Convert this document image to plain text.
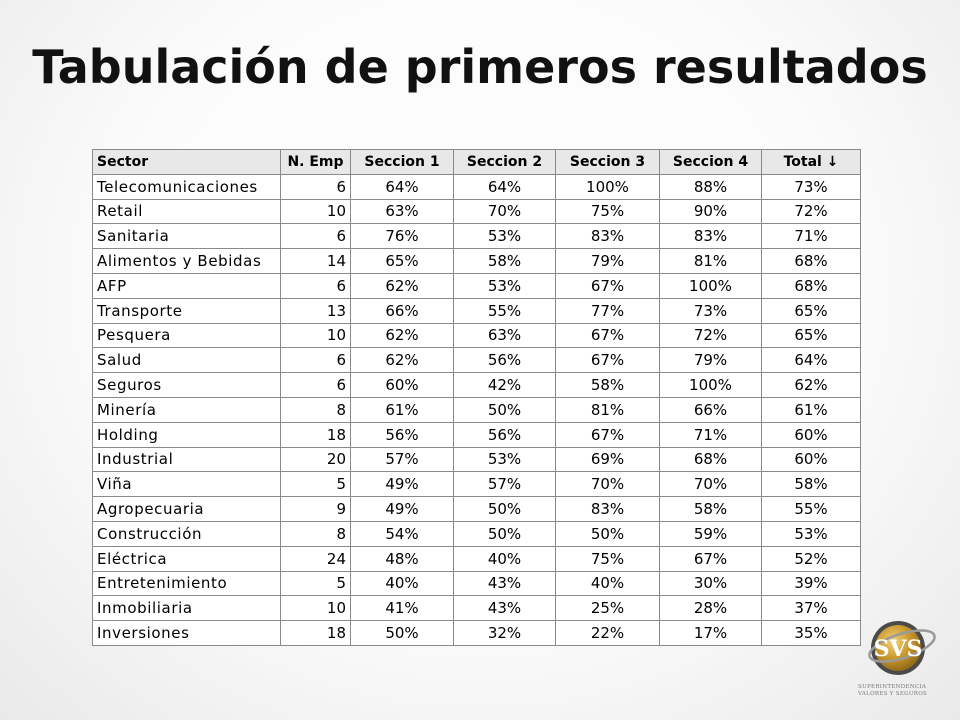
Tabulación de primeros resultados
Sector	N. Emp	Seccion 1	Seccion 2	Seccion 3	Seccion 4	Total ↓
Telecomunicaciones	6	64%	64%	100%	88%	73%
Retail	10	63%	70%	75%	90%	72%
Sanitaria	6	76%	53%	83%	83%	71%
Alimentos y Bebidas	14	65%	58%	79%	81%	68%
AFP	6	62%	53%	67%	100%	68%
Transporte	13	66%	55%	77%	73%	65%
Pesquera	10	62%	63%	67%	72%	65%
Salud	6	62%	56%	67%	79%	64%
Seguros	6	60%	42%	58%	100%	62%
Minería	8	61%	50%	81%	66%	61%
Holding	18	56%	56%	67%	71%	60%
Industrial	20	57%	53%	69%	68%	60%
Viña	5	49%	57%	70%	70%	58%
Agropecuaria	9	49%	50%	83%	58%	55%
Construcción	8	54%	50%	50%	59%	53%
Eléctrica	24	48%	40%	75%	67%	52%
Entretenimiento	5	40%	43%	40%	30%	39%
Inmobiliaria	10	41%	43%	25%	28%	37%
Inversiones	18	50%	32%	22%	17%	35%
SVS
SUPERINTENDENCIA
VALORES Y SEGUROS
